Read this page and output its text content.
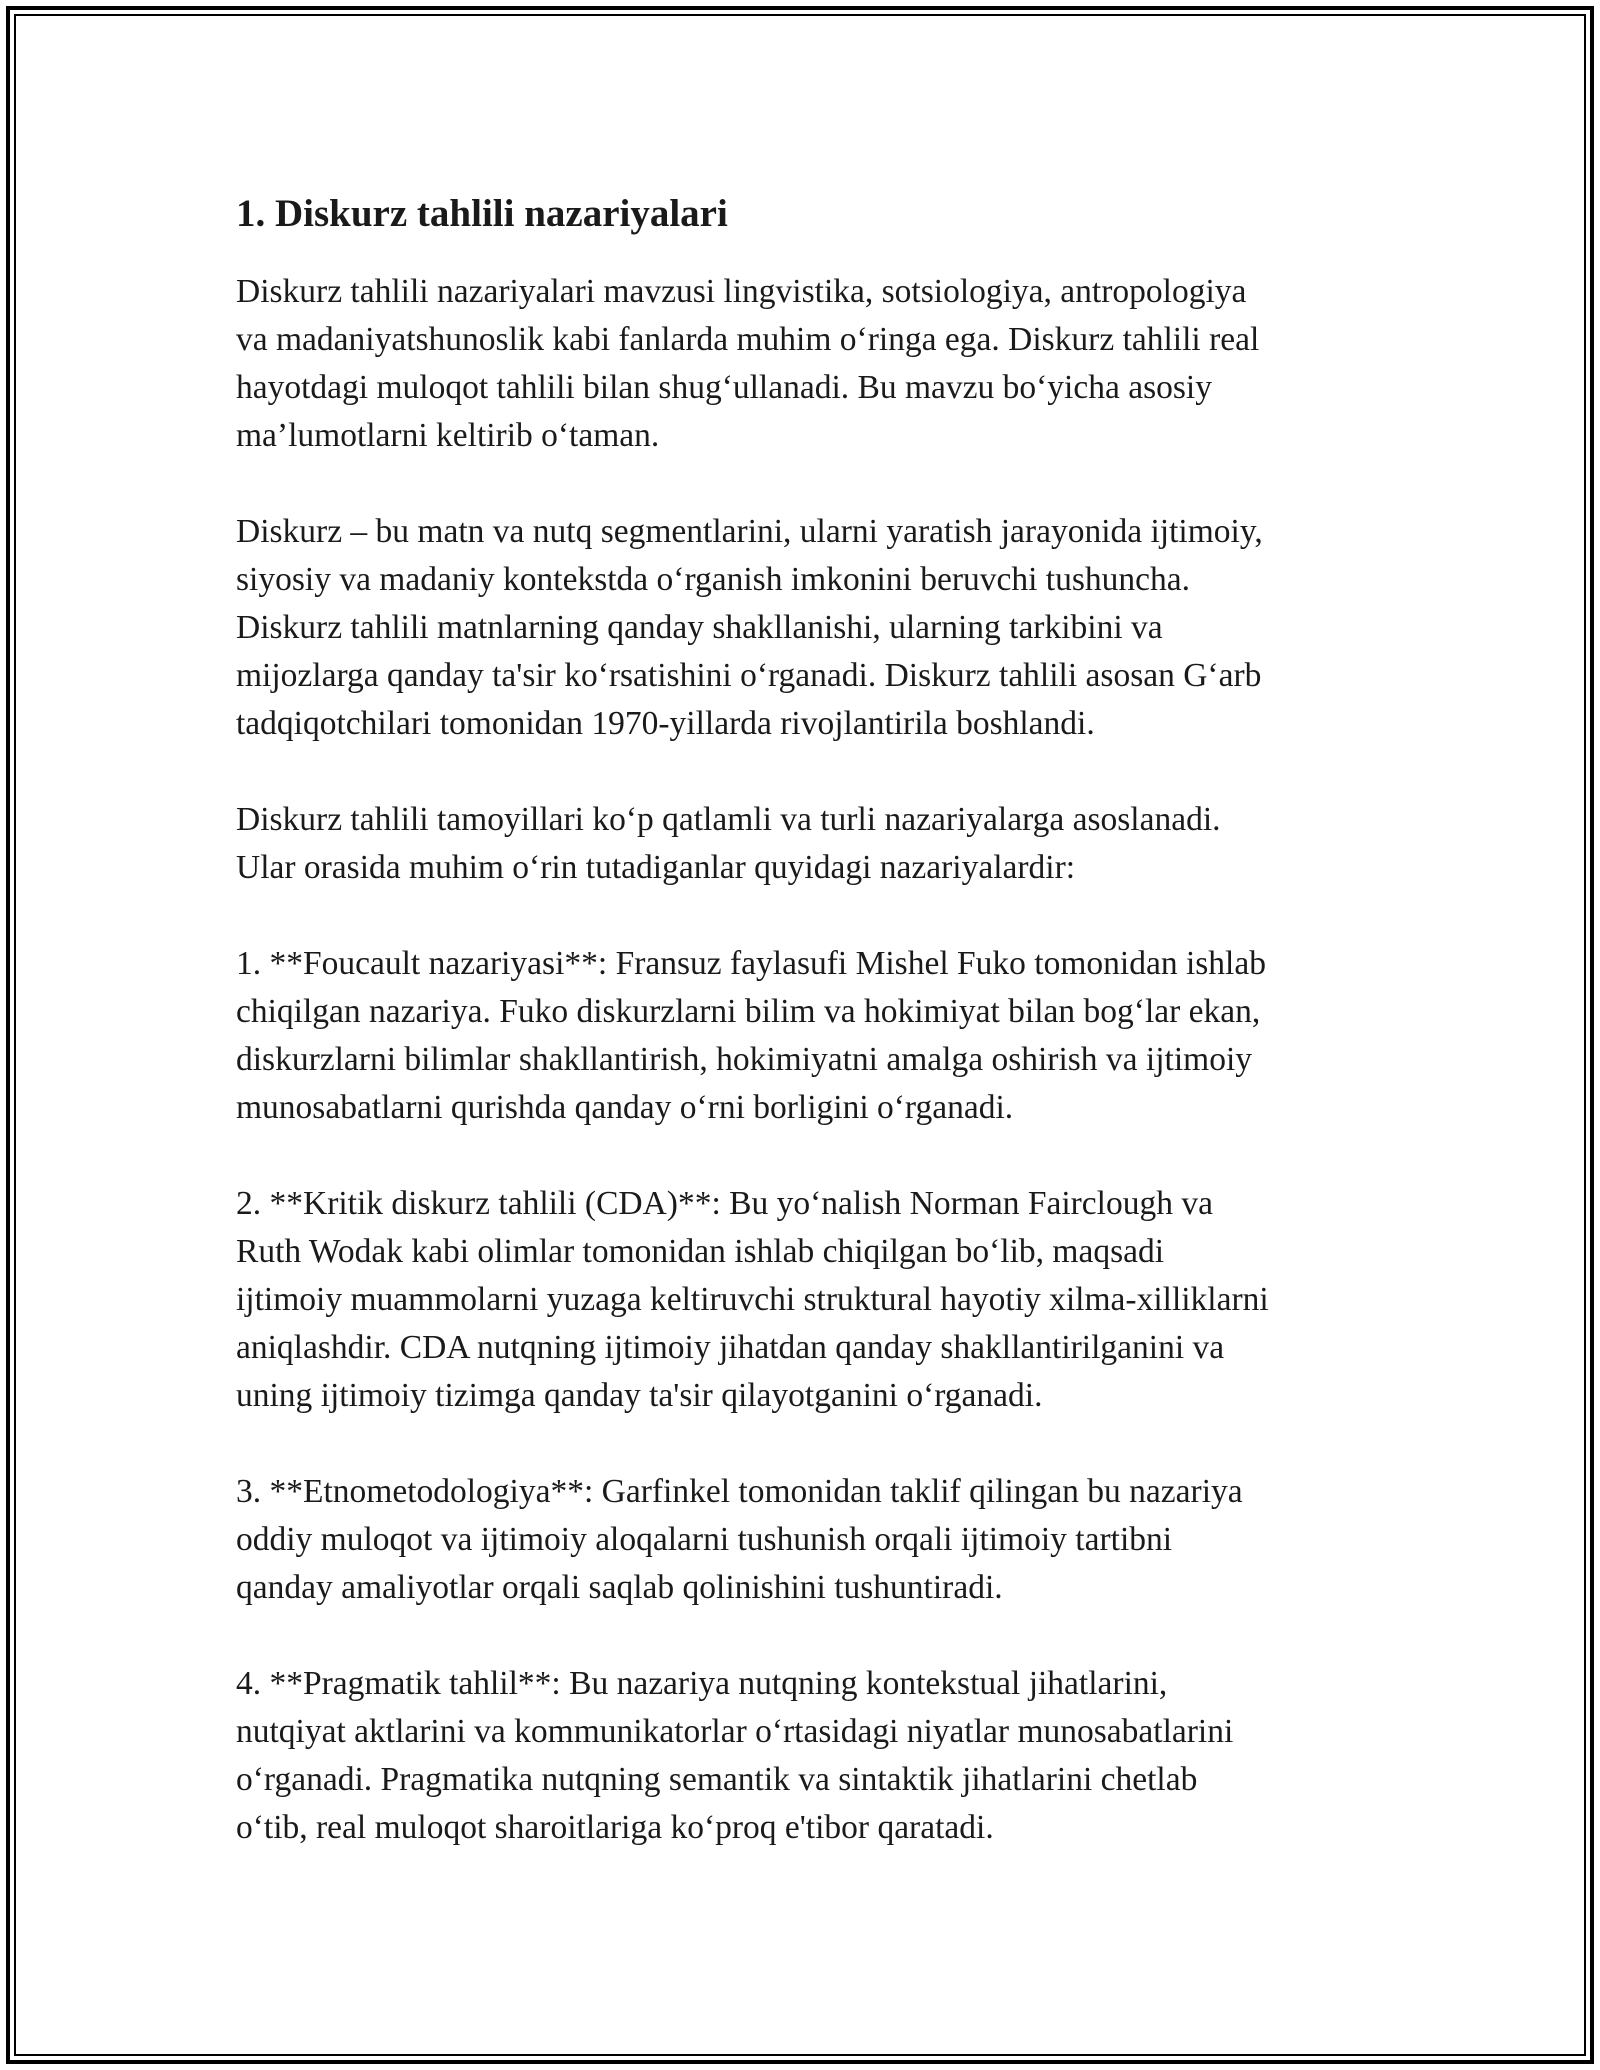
1. Diskurz tahlili nazariyalari

Diskurz tahlili nazariyalari mavzusi lingvistika, sotsiologiya, antropologiya
va madaniyatshunoslik kabi fanlarda muhim o‘ringa ega. Diskurz tahlili real
hayotdagi muloqot tahlili bilan shug‘ullanadi. Bu mavzu bo‘yicha asosiy
ma’lumotlarni keltirib o‘taman.

Diskurz – bu matn va nutq segmentlarini, ularni yaratish jarayonida ijtimoiy,
siyosiy va madaniy kontekstda o‘rganish imkonini beruvchi tushuncha.
Diskurz tahlili matnlarning qanday shakllanishi, ularning tarkibini va
mijozlarga qanday ta'sir ko‘rsatishini o‘rganadi. Diskurz tahlili asosan G‘arb
tadqiqotchilari tomonidan 1970-yillarda rivojlantirila boshlandi.

Diskurz tahlili tamoyillari ko‘p qatlamli va turli nazariyalarga asoslanadi.
Ular orasida muhim o‘rin tutadiganlar quyidagi nazariyalardir:

1. **Foucault nazariyasi**: Fransuz faylasufi Mishel Fuko tomonidan ishlab
chiqilgan nazariya. Fuko diskurzlarni bilim va hokimiyat bilan bog‘lar ekan,
diskurzlarni bilimlar shakllantirish, hokimiyatni amalga oshirish va ijtimoiy
munosabatlarni qurishda qanday o‘rni borligini o‘rganadi.

2. **Kritik diskurz tahlili (CDA)**: Bu yo‘nalish Norman Fairclough va
Ruth Wodak kabi olimlar tomonidan ishlab chiqilgan bo‘lib, maqsadi
ijtimoiy muammolarni yuzaga keltiruvchi struktural hayotiy xilma-xilliklarni
aniqlashdir. CDA nutqning ijtimoiy jihatdan qanday shakllantirilganini va
uning ijtimoiy tizimga qanday ta'sir qilayotganini o‘rganadi.

3. **Etnometodologiya**: Garfinkel tomonidan taklif qilingan bu nazariya
oddiy muloqot va ijtimoiy aloqalarni tushunish orqali ijtimoiy tartibni
qanday amaliyotlar orqali saqlab qolinishini tushuntiradi.

4. **Pragmatik tahlil**: Bu nazariya nutqning kontekstual jihatlarini,
nutqiyat aktlarini va kommunikatorlar o‘rtasidagi niyatlar munosabatlarini
o‘rganadi. Pragmatika nutqning semantik va sintaktik jihatlarini chetlab
o‘tib, real muloqot sharoitlariga ko‘proq e'tibor qaratadi.
